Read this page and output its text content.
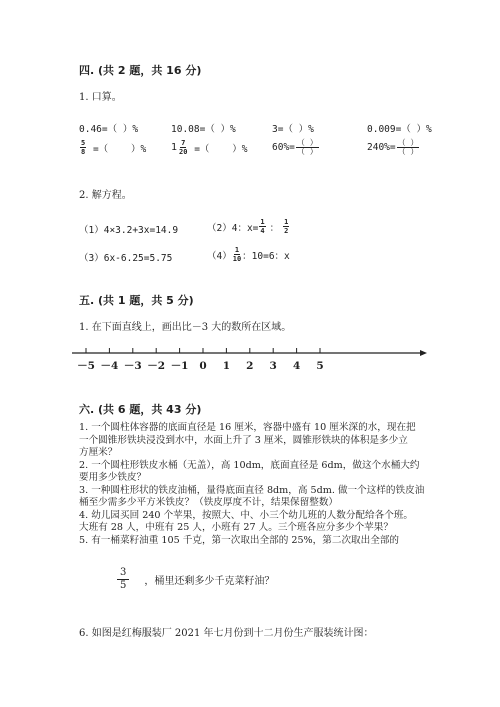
四. (共 2 题，共 16 分)
1. 口算。
0.46=（ ）%	10.08=（ ）%	3=（ ）%	0.009=（ ）%
$\frac{5}{8}$ =（    ）% $1 \frac{7}{20}$ =（    ）%	$60\%= \frac{( )}{( )}$	$240\%= \frac{( )}{( )}$
2. 解方程。
（1）4×3.2+3x=14.9	（2）4：$x= \frac{1}{4}$ ： $\frac{1}{2}$
（3）6x-6.25=5.75	$(4) \frac{1}{10}$ ：10=6：x
五. (共 1 题，共 5 分)
1. 在下面直线上，画出比－3 大的数所在区域。
－5 －4 －3 －2 －1 0 1 2 3 4 5
六. (共 6 题，共 43 分)
1. 一个圆柱体容器的底面直径是 16 厘米，容器中盛有 10 厘米深的水，现在把
一个圆锥形铁块浸没到水中，水面上升了 3 厘米，圆锥形铁块的体积是多少立
方厘米？
2. 一个圆柱形铁皮水桶（无盖），高 10dm，底面直径是 6dm，做这个水桶大约
要用多少铁皮？
3. 一种圆柱形状的铁皮油桶，量得底面直径 8dm，高 5dm. 做一个这样的铁皮油
桶至少需多少平方米铁皮？（铁皮厚度不计，结果保留整数）
4. 幼儿园买回 240 个苹果，按照大、中、小三个幼儿班的人数分配给各个班。
大班有 28 人，中班有 25 人，小班有 27 人。三个班各应分多少个苹果？
5. 有一桶菜籽油重 105 千克，第一次取出全部的 25%，第二次取出全部的
$\frac{3}{5}$ ，桶里还剩多少千克菜籽油？
6. 如图是红梅服装厂 2021 年七月份到十二月份生产服装统计图：
